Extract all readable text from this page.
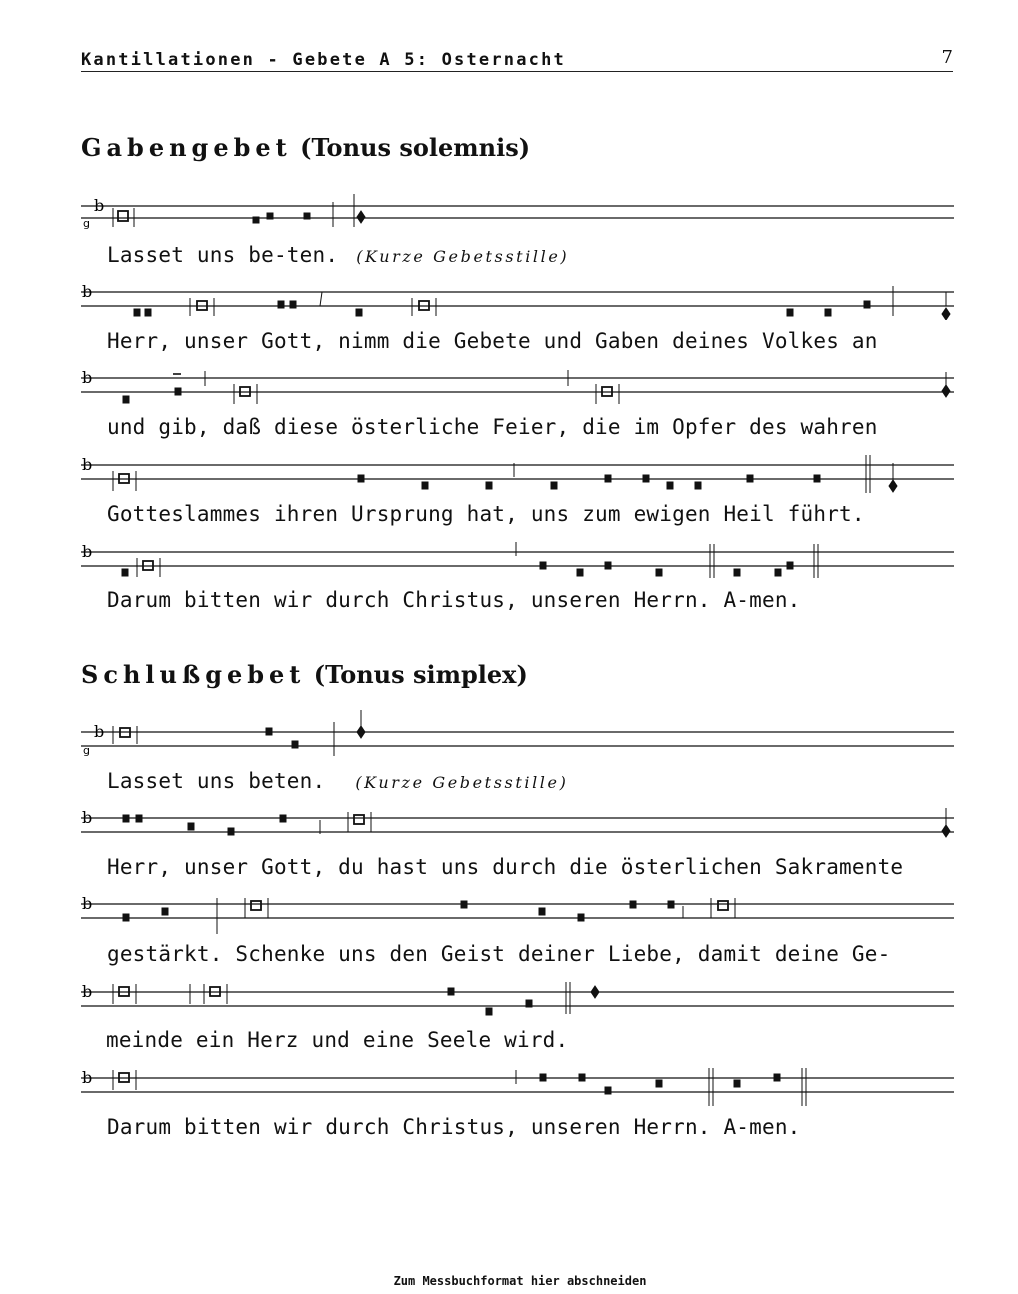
Kantillationen - Gebete A 5: Osternacht	7
Gabengebet (Tonus solemnis)
g
b
Lasset uns be-ten. (Kurze Gebetsstille)
b
Herr, unser Gott, nimm die Gebete und Gaben deines Volkes an
b
und gib, daß diese österliche Feier, die im Opfer des wahren
b
Gotteslammes ihren Ursprung hat, uns zum ewigen Heil führt.
b
Darum bitten wir durch Christus, unseren Herrn. A-men.
Schlußgebet (Tonus simplex)
g
b
Lasset uns beten. (Kurze Gebetsstille)
b
Herr, unser Gott, du hast uns durch die österlichen Sakramente
b
gestärkt. Schenke uns den Geist deiner Liebe, damit deine Ge-
b
meinde ein Herz und eine Seele wird.
b
Darum bitten wir durch Christus, unseren Herrn. A-men.
Zum Messbuchformat hier abschneiden
